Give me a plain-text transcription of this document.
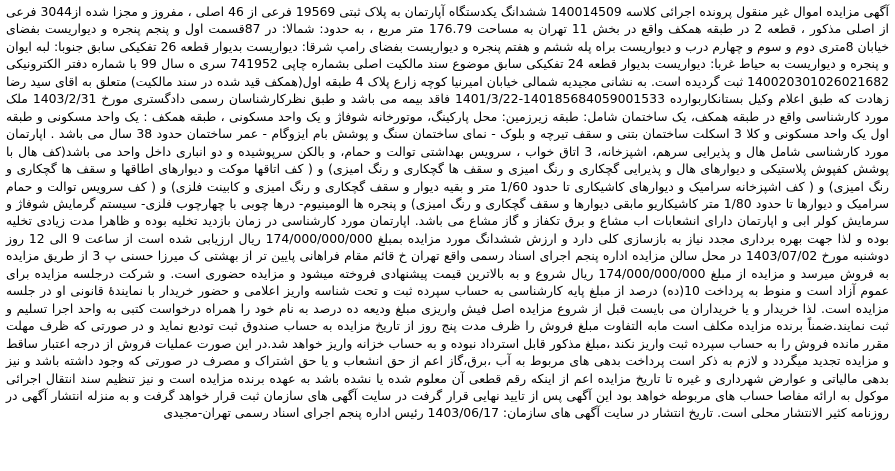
آگهی مزایده اموال غیر منقول پرونده اجرائی کلاسه 140014509 ششدانگ یکدستگاه آپارتمان به پلاک ثبتی 19569 فرعی از 46 اصلی ، مفروز و مجزا شده از3044 فرعی از اصلی مذکور ، قطعه 2 در طبقه همکف واقع در بخش 11 تهران به مساحت 176.79 متر مربع ، به حدود: شمالا: در 87قسمت اول و پنجم پنجره و دیواریست بفضای خیابان 8متری دوم و سوم و چهارم درب و دیواریست براه پله ششم و هفتم پنجره و دیواریست بفضای رامپ شرقا: دیواریست بدیوار قطعه 26 تفکیکی سابق جنوبا: لبه ایوان و پنجره و دیواریست به حیاط غربا: دیواریست بدیوار قطعه 24 تفکیکی سابق موضوع سند مالکیت اصلی بشماره چاپی 741952 سری ه سال 99 با شماره دفتر الکترونیکی 140020301026021682 ثبت گردیده است. به نشانی مجیدیه شمالی خیابان امیرنیا کوچه زارع پلاک 4 طبقه اول(همکف قید شده در سند مالکیت) متعلق به اقای سید رضا زهادت که طبق اعلام وکیل بستانکاربوارده 140185684059001533-1401/3/22 فاقد بیمه می باشد و طبق نظرکارشناسان رسمی دادگستری مورخ 1403/2/31 ملک مورد کارشناسی واقع در طبقه همکف، یک ساختمان شامل: طبقه زیرزمین: محل پارکینگ، موتورخانه شوفاژ و یک واحد مسکونی ، طبقه همکف : یک واحد مسکونی و طبقه اول یک واحد مسکونی و کلا 3 اسکلت ساختمان بتنی و سقف تیرچه و بلوک - نمای ساختمان سنگ و پوشش بام ایزوگام - عمر ساختمان حدود 38 سال می باشد . اپارتمان مورد کارشناسی شامل هال و پذیرایی سرهم، اشپزخانه، 3 اتاق خواب ، سرویس بهداشتی توالت و حمام، و بالکن سرپوشیده و دو انباری داخل واحد می باشد(کف هال با پوشش کفپوش پلاستیکی و دیوارهای هال و پذیرایی گچکاری و رنگ امیزی و سقف ها گچکاری و رنگ امیزی) و ( کف اتاقها موکت و دیوارهای اطاقها و سقف ها گچکاری و رنگ امیزی) و ( کف اشپزخانه سرامیک و دیوارهای کاشیکاری تا حدود 1/60 متر و بقیه دیوار و سقف گچکاری و رنگ امیزی و کابینت فلزی) و ( کف سرویس توالت و حمام سرامیک و دیوارها تا حدود 1/80 متر کاشیکاریو مابقی دیوارها و سقف گچکاری و رنگ امیزی) و پنجره ها الومینیوم- درها چوبی با چهارچوب فلزی- سیستم گرمایش شوفاژ و سرمایش کولر ابی و اپارتمان دارای انشعابات اب مشاع و برق تکفاز و گاز مشاع می باشد. اپارتمان مورد کارشناسی در زمان بازدید تخلیه بوده و ظاهرا مدت زیادی تخلیه بوده و لذا جهت بهره برداری مجدد نیاز به بازسازی کلی دارد و ارزش ششدانگ مورد مزایده بمبلغ 174/000/000/000 ریال ارزیابی شده است از ساعت 9 الی 12 روز دوشنبه مورخ 1403/07/02 در محل سالن مزایده اداره پنجم اجرای اسناد رسمی واقع تهران خ قائم مقام فراهانی پایین تر از بهشتی ک میرزا حسنی پ 3 از طریق مزایده به فروش میرسد و مزایده از مبلغ 174/000/000/000 ریال شروع و به بالاترین قیمت پیشنهادی فروخته میشود و مزایده حضوری است. و شرکت درجلسه مزایده برای عموم آزاد است و منوط به پرداخت 10(ده) درصد از مبلغ پایه کارشناسی به حساب سپرده ثبت و تحت شناسه واریز اعلامی و حضور خریدار با نمایندۀ قانونی او در جلسه مزایده است. لذا خریدار و یا خریداران می بایست قبل از شروع مزایده اصل فیش واریزی مبلغ ودیعه ده درصد به نام خود را همراه درخواست کتبی به واحد اجرا تسلیم و ثبت نمایند.ضمناً برنده مزایده مکلف است مابه التفاوت مبلغ فروش را ظرف مدت پنج روز از تاریخ مزایده به حساب صندوق ثبت تودیع نماید و در صورتی که ظرف مهلت مقرر مانده فروش را به حساب سپرده ثبت واریز نکند ،مبلغ مذکور قابل استرداد نبوده و به حساب خزانه واریز خواهد شد.در این صورت عملیات فروش از درجه اعتبار ساقط و مزایده تجدید میگردد و لازم به ذکر است پرداخت بدهی های مربوط به آب ،برق،گاز اعم از حق انشعاب و یا حق اشتراک و مصرف در صورتی که وجود داشته باشد و نیز بدهی مالیاتی و عوارض شهرداری و غیره تا تاریخ مزایده اعم از اینکه رقم قطعی آن معلوم شده یا نشده باشد به عهده برنده مزایده است و نیز تنظیم سند انتقال اجرائی موکول به ارائه مفاصا حساب های مربوطه خواهد بود این آگهی پس از تایید نهایی قرار گرفت در سایت آگهی های سازمان ثبت قرار خواهد گرفت و به منزله انتشار آگهی در روزنامه کثیر الانتشار محلی است. تاریخ انتشار در سایت آگهی های سازمان: 1403/06/17 رئیس اداره پنجم اجرای اسناد رسمی تهران-مجیدی
